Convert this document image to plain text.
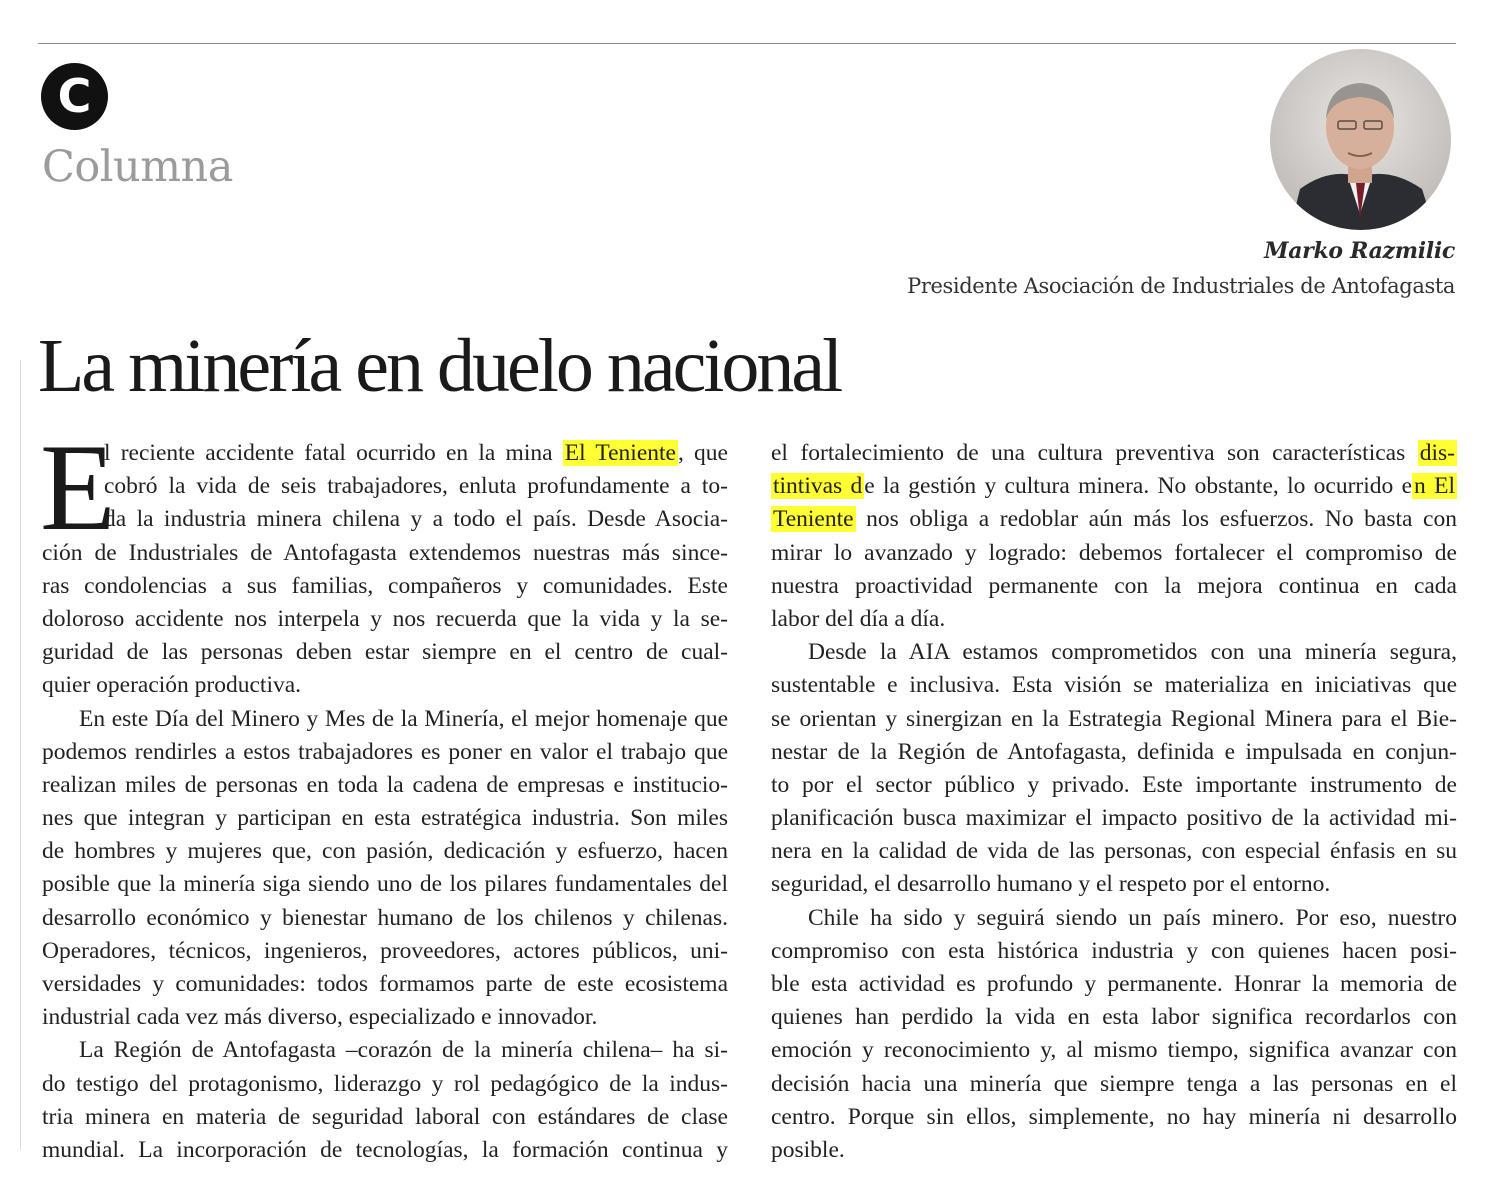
C
Columna
Marko Razmilic
Presidente Asociación de Industriales de Antofagasta
La minería en duelo nacional
E
l reciente accidente fatal ocurrido en la mina El Teniente, que
cobró la vida de seis trabajadores, enluta profundamente a to-
da la industria minera chilena y a todo el país. Desde Asocia-
ción de Industriales de Antofagasta extendemos nuestras más since-
ras condolencias a sus familias, compañeros y comunidades. Este
doloroso accidente nos interpela y nos recuerda que la vida y la se-
guridad de las personas deben estar siempre en el centro de cual-
quier operación productiva.
En este Día del Minero y Mes de la Minería, el mejor homenaje que
podemos rendirles a estos trabajadores es poner en valor el trabajo que
realizan miles de personas en toda la cadena de empresas e institucio-
nes que integran y participan en esta estratégica industria. Son miles
de hombres y mujeres que, con pasión, dedicación y esfuerzo, hacen
posible que la minería siga siendo uno de los pilares fundamentales del
desarrollo económico y bienestar humano de los chilenos y chilenas.
Operadores, técnicos, ingenieros, proveedores, actores públicos, uni-
versidades y comunidades: todos formamos parte de este ecosistema
industrial cada vez más diverso, especializado e innovador.
La Región de Antofagasta –corazón de la minería chilena– ha si-
do testigo del protagonismo, liderazgo y rol pedagógico de la indus-
tria minera en materia de seguridad laboral con estándares de clase
mundial. La incorporación de tecnologías, la formación continua y
el fortalecimiento de una cultura preventiva son características dis-
tintivas de la gestión y cultura minera. No obstante, lo ocurrido en El
Teniente nos obliga a redoblar aún más los esfuerzos. No basta con
mirar lo avanzado y logrado: debemos fortalecer el compromiso de
nuestra proactividad permanente con la mejora continua en cada
labor del día a día.
Desde la AIA estamos comprometidos con una minería segura,
sustentable e inclusiva. Esta visión se materializa en iniciativas que
se orientan y sinergizan en la Estrategia Regional Minera para el Bie-
nestar de la Región de Antofagasta, definida e impulsada en conjun-
to por el sector público y privado. Este importante instrumento de
planificación busca maximizar el impacto positivo de la actividad mi-
nera en la calidad de vida de las personas, con especial énfasis en su
seguridad, el desarrollo humano y el respeto por el entorno.
Chile ha sido y seguirá siendo un país minero. Por eso, nuestro
compromiso con esta histórica industria y con quienes hacen posi-
ble esta actividad es profundo y permanente. Honrar la memoria de
quienes han perdido la vida en esta labor significa recordarlos con
emoción y reconocimiento y, al mismo tiempo, significa avanzar con
decisión hacia una minería que siempre tenga a las personas en el
centro. Porque sin ellos, simplemente, no hay minería ni desarrollo
posible.
